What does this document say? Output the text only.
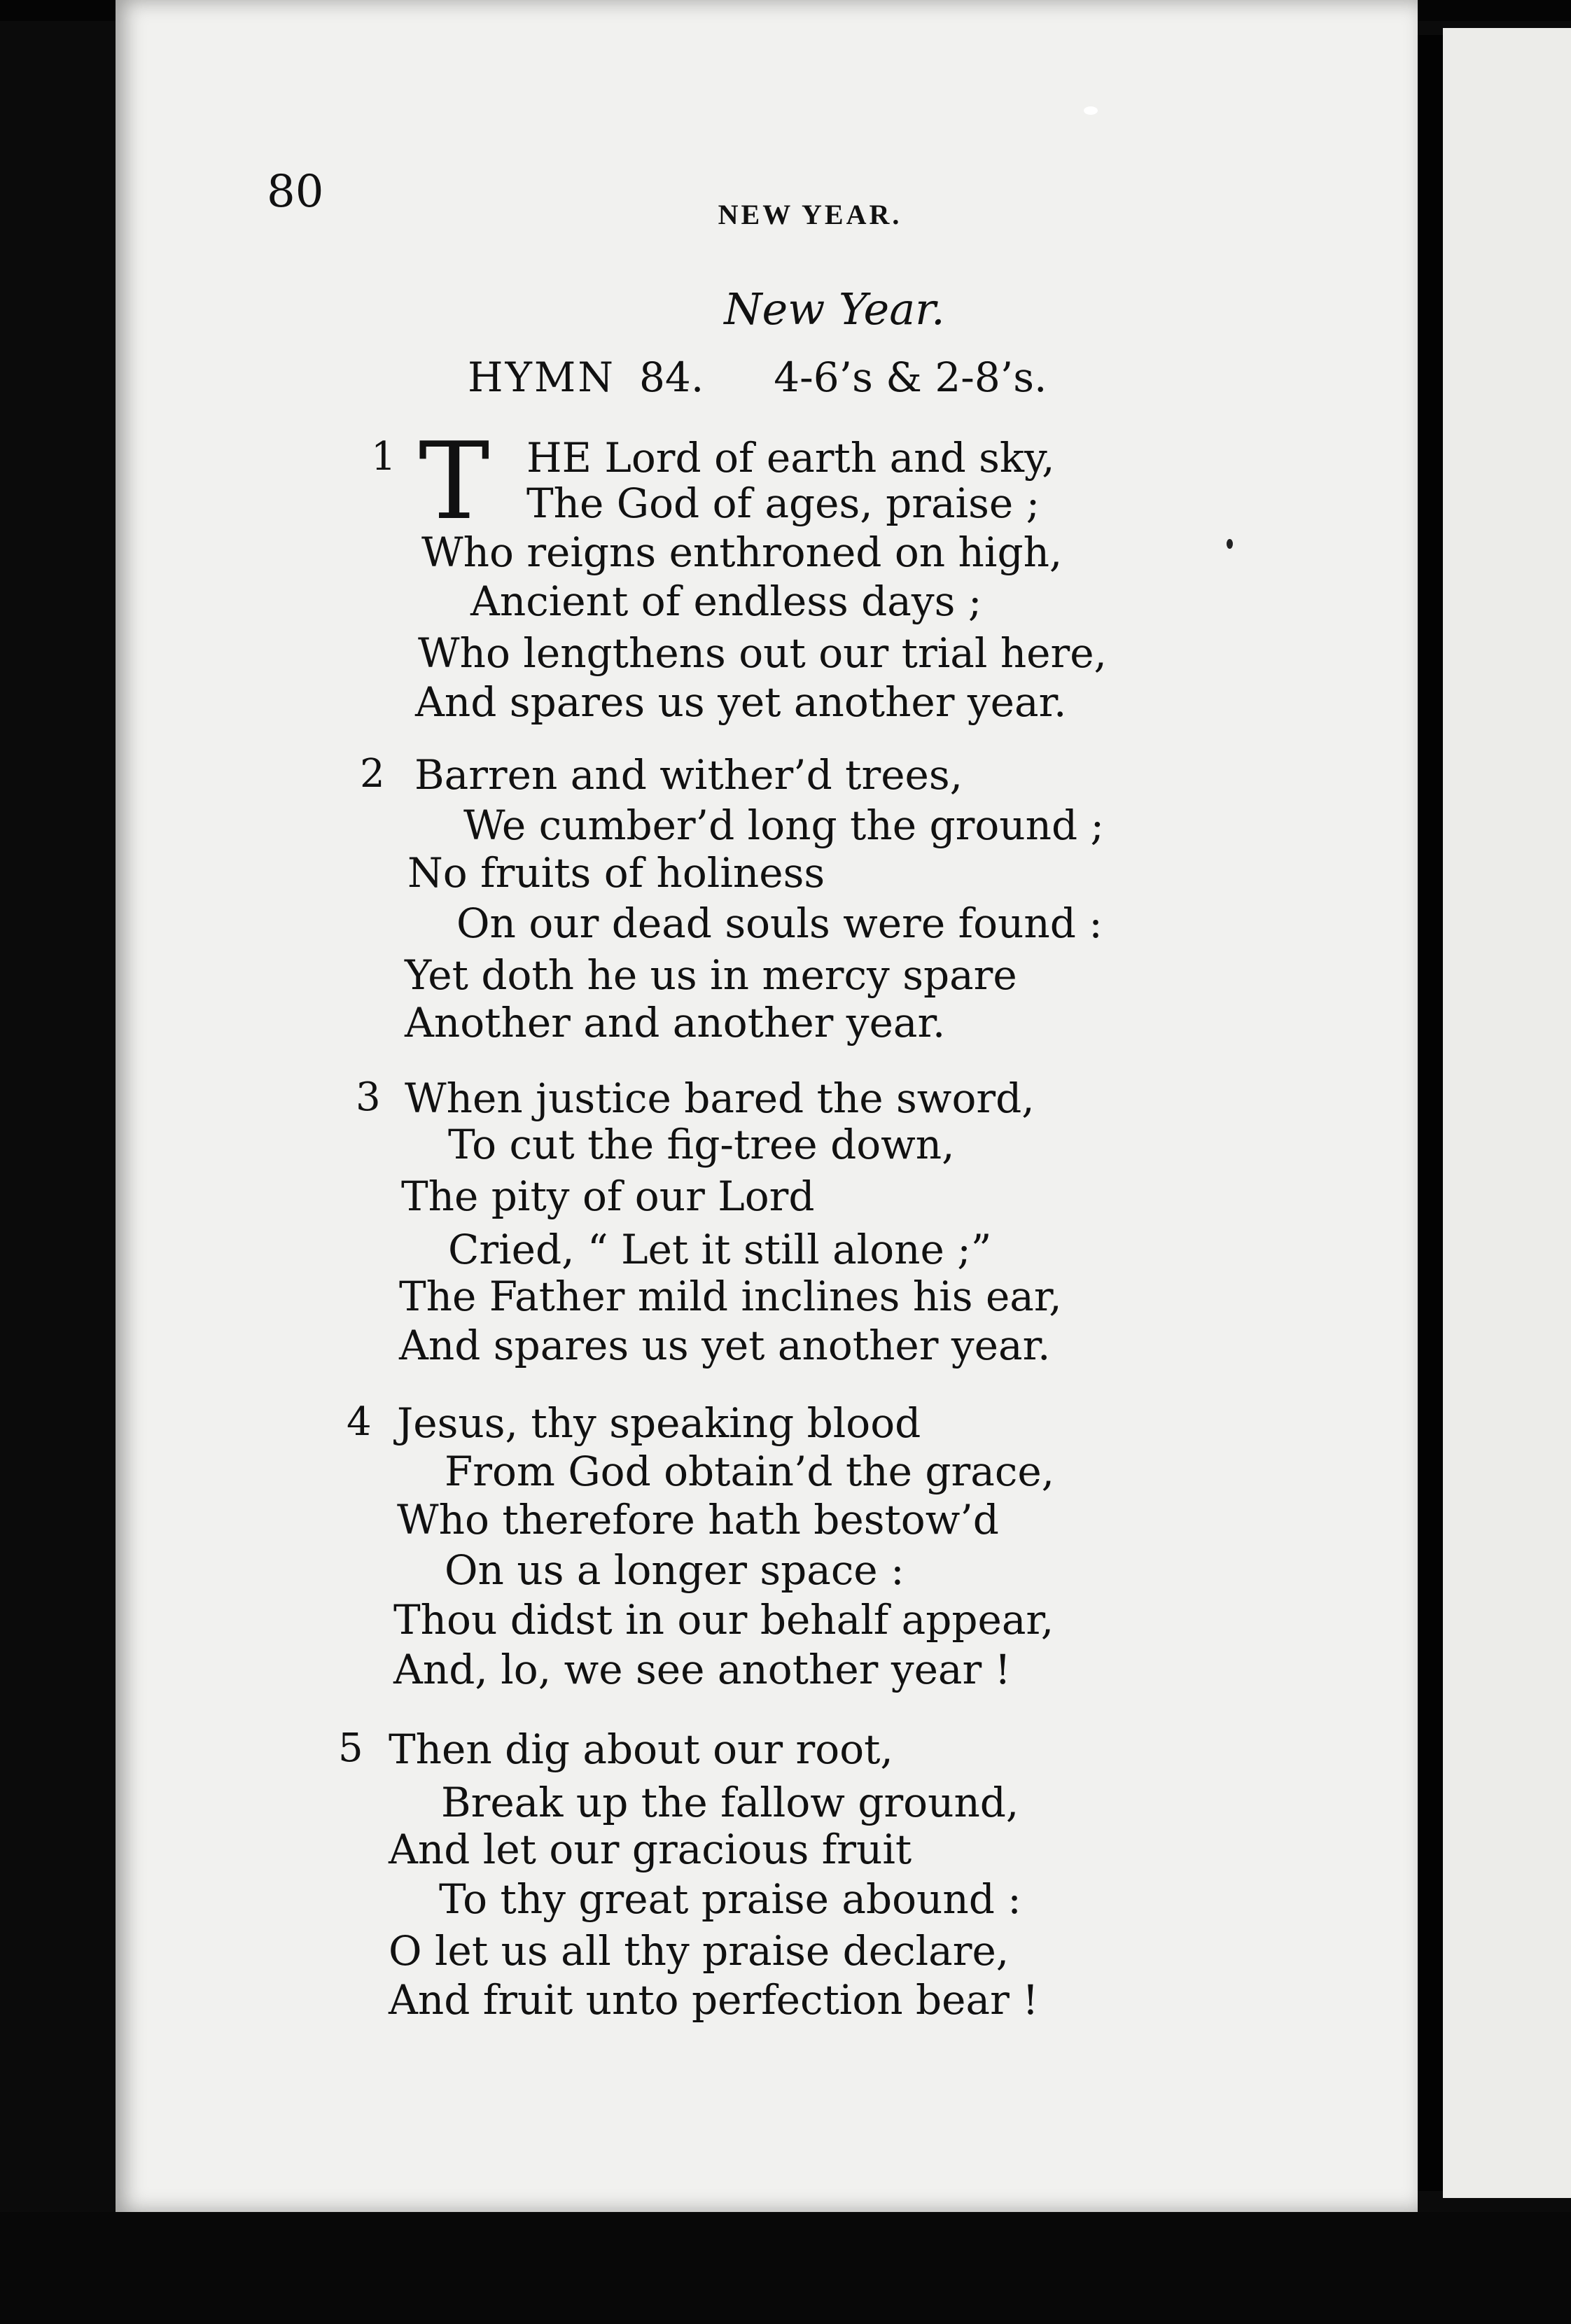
80	NEW YEAR.
New Year.
HYMN 84. 4-6’s & 2-8’s.
T
1	HE Lord of earth and sky,
The God of ages, praise ;
Who reigns enthroned on high,
Ancient of endless days ;
Who lengthens out our trial here,
And spares us yet another year.
2 Barren and wither’d trees,
We cumber’d long the ground ;
No fruits of holiness
On our dead souls were found :
Yet doth he us in mercy spare
Another and another year.
3 When justice bared the sword,
To cut the fig-tree down,
The pity of our Lord
Cried, “ Let it still alone ;”
The Father mild inclines his ear,
And spares us yet another year.
4 Jesus, thy speaking blood
From God obtain’d the grace,
Who therefore hath bestow’d
On us a longer space :
Thou didst in our behalf appear,
And, lo, we see another year !
5 Then dig about our root,
Break up the fallow ground,
And let our gracious fruit
To thy great praise abound :
O let us all thy praise declare,
And fruit unto perfection bear !
